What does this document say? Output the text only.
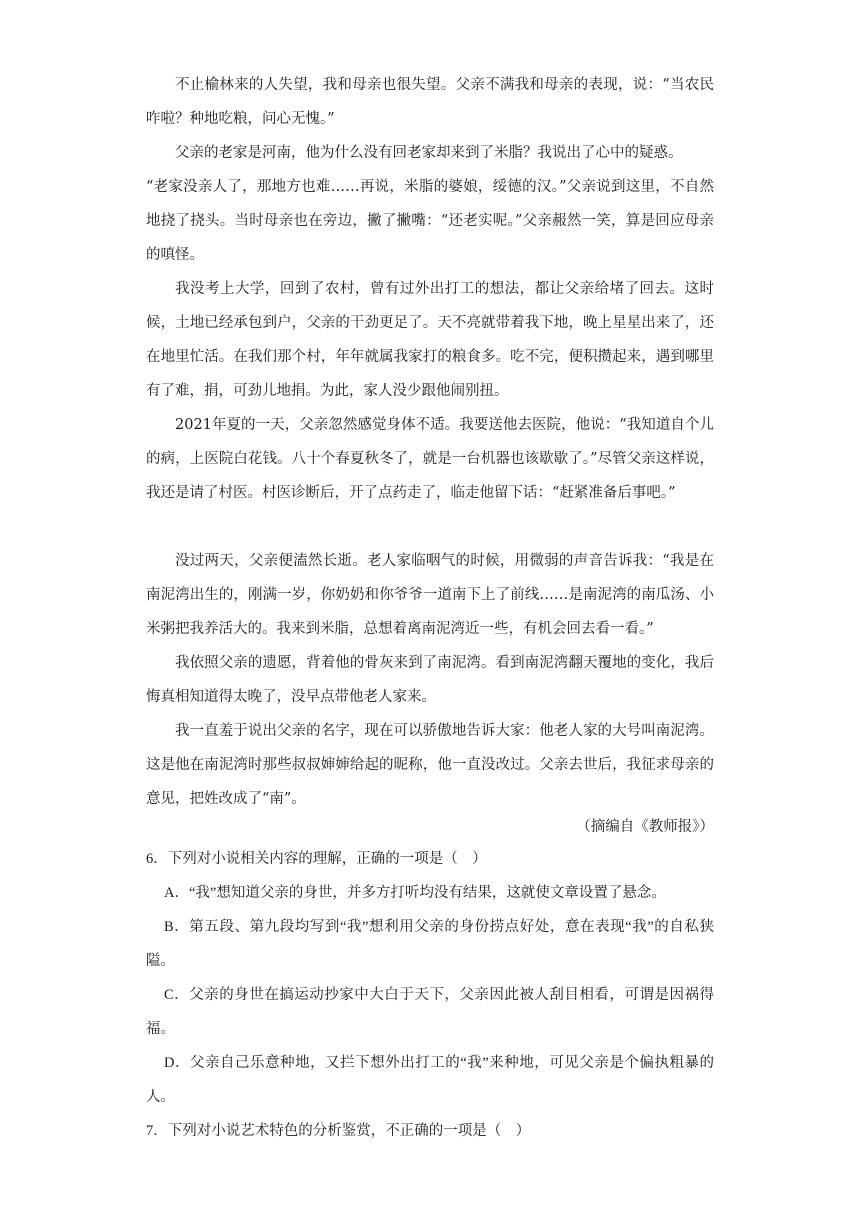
不止榆林来的人失望，我和母亲也很失望。父亲不满我和母亲的表现，说：“当农民咋啦？种地吃粮，问心无愧。”

父亲的老家是河南，他为什么没有回老家却来到了米脂？我说出了心中的疑惑。

“老家没亲人了，那地方也难……再说，米脂的婆娘，绥德的汉。”父亲说到这里，不自然地挠了挠头。当时母亲也在旁边，撇了撇嘴：“还老实呢。”父亲赧然一笑，算是回应母亲的嗔怪。

我没考上大学，回到了农村，曾有过外出打工的想法，都让父亲给堵了回去。这时候，土地已经承包到户，父亲的干劲更足了。天不亮就带着我下地，晚上星星出来了，还在地里忙活。在我们那个村，年年就属我家打的粮食多。吃不完，便积攒起来，遇到哪里有了难，捐，可劲儿地捐。为此，家人没少跟他闹别扭。

2021年夏的一天，父亲忽然感觉身体不适。我要送他去医院，他说：“我知道自个儿的病，上医院白花钱。八十个春夏秋冬了，就是一台机器也该歇歇了。”尽管父亲这样说，我还是请了村医。村医诊断后，开了点药走了，临走他留下话：“赶紧准备后事吧。”

没过两天，父亲便溘然长逝。老人家临咽气的时候，用微弱的声音告诉我：“我是在南泥湾出生的，刚满一岁，你奶奶和你爷爷一道南下上了前线……是南泥湾的南瓜汤、小米粥把我养活大的。我来到米脂，总想着离南泥湾近一些，有机会回去看一看。”

我依照父亲的遗愿，背着他的骨灰来到了南泥湾。看到南泥湾翻天覆地的变化，我后悔真相知道得太晚了，没早点带他老人家来。

我一直羞于说出父亲的名字，现在可以骄傲地告诉大家：他老人家的大号叫南泥湾。这是他在南泥湾时那些叔叔婶婶给起的昵称，他一直没改过。父亲去世后，我征求母亲的意见，把姓改成了“南”。

（摘编自《教师报》）

6．下列对小说相关内容的理解，正确的一项是（　）

A．“我”想知道父亲的身世，并多方打听均没有结果，这就使文章设置了悬念。

B．第五段、第九段均写到“我”想利用父亲的身份捞点好处，意在表现“我”的自私狭隘。

C．父亲的身世在搞运动抄家中大白于天下，父亲因此被人刮目相看，可谓是因祸得福。

D．父亲自己乐意种地，又拦下想外出打工的“我”来种地，可见父亲是个偏执粗暴的人。

7．下列对小说艺术特色的分析鉴赏，不正确的一项是（　）
